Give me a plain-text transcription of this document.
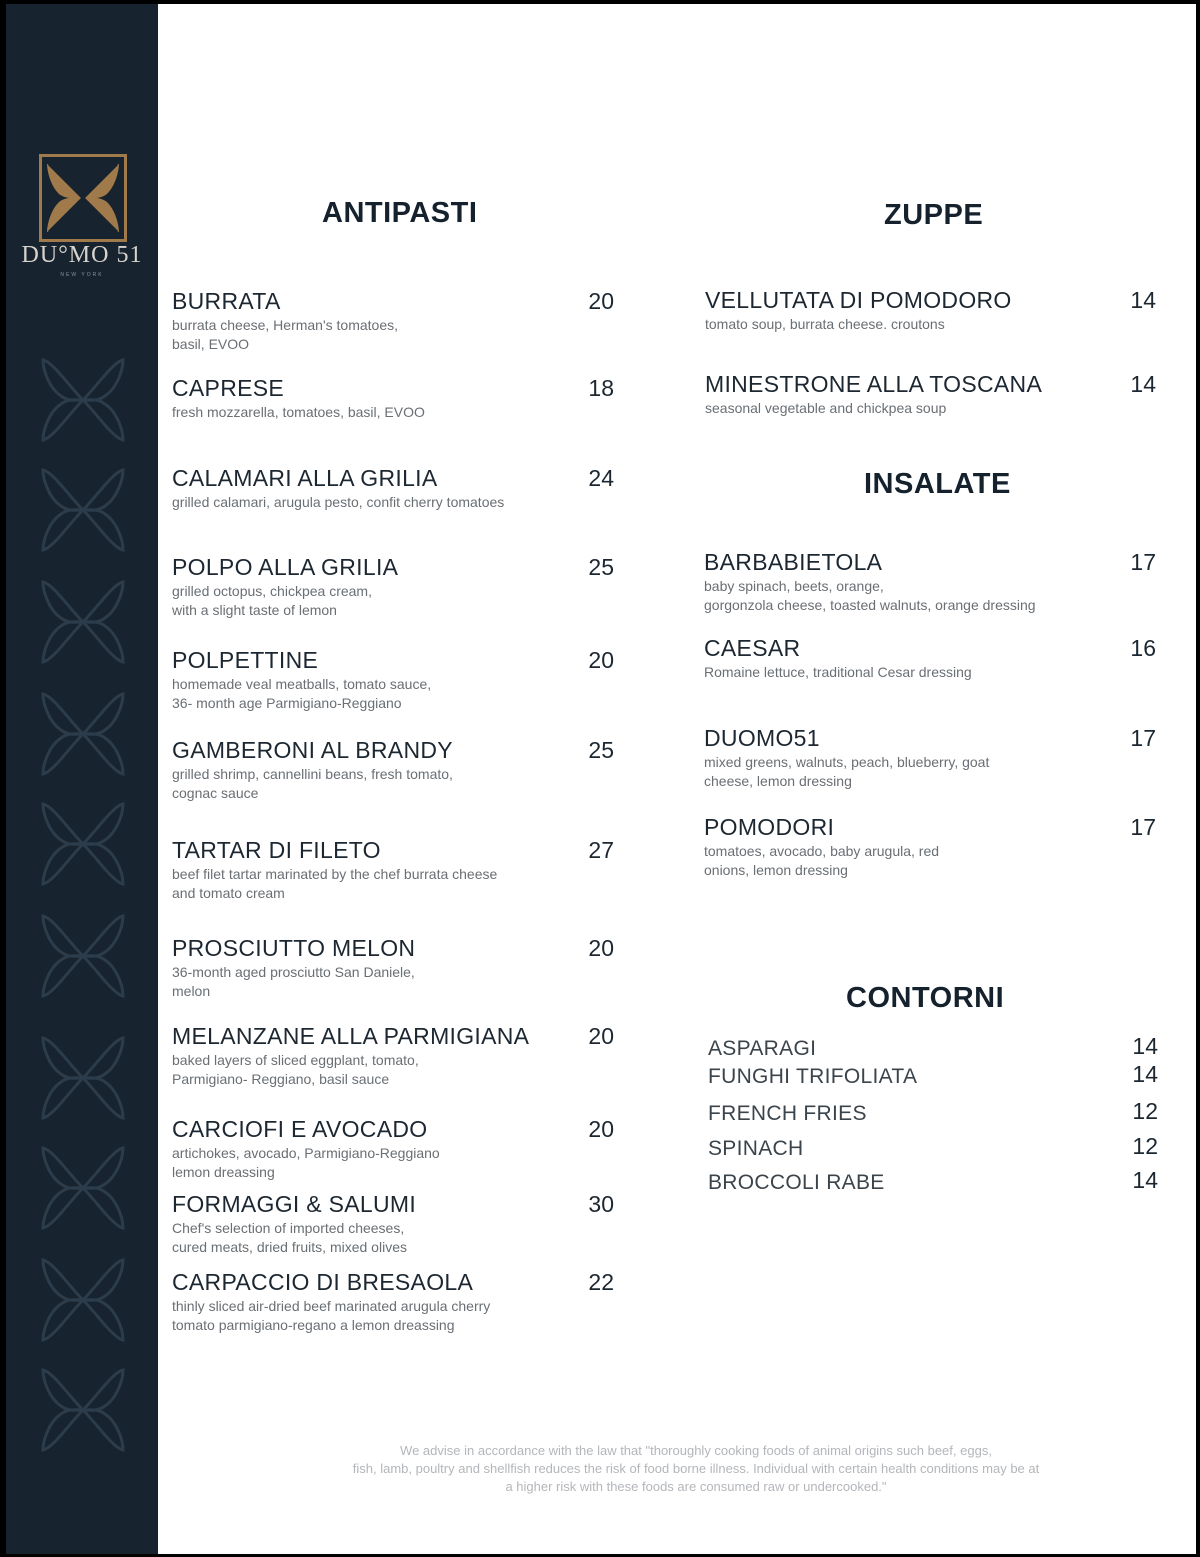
DU°MO 51
NEW YORK
ANTIPASTI
BURRATA
burrata cheese, Herman's tomatoes,
basil, EVOO
20
CAPRESE
fresh mozzarella, tomatoes, basil, EVOO
18
CALAMARI ALLA GRILIA
grilled calamari, arugula pesto, confit cherry tomatoes
24
POLPO ALLA GRILIA
grilled octopus, chickpea cream,
with a slight taste of lemon
25
POLPETTINE
homemade veal meatballs, tomato sauce,
36- month age Parmigiano-Reggiano
20
GAMBERONI AL BRANDY
grilled shrimp, cannellini beans, fresh tomato,
cognac sauce
25
TARTAR DI FILETO
beef filet tartar marinated by the chef burrata cheese
and tomato cream
27
PROSCIUTTO MELON
36-month aged prosciutto San Daniele,
melon
20
MELANZANE ALLA PARMIGIANA
baked layers of sliced eggplant, tomato,
Parmigiano- Reggiano, basil sauce
20
CARCIOFI E AVOCADO
artichokes, avocado, Parmigiano-Reggiano
lemon dreassing
20
FORMAGGI & SALUMI
Chef's selection of imported cheeses,
cured meats, dried fruits, mixed olives
30
CARPACCIO DI BRESAOLA
thinly sliced air-dried beef marinated arugula cherry
tomato parmigiano-regano a lemon dreassing
22
ZUPPE
VELLUTATA DI POMODORO
tomato soup, burrata cheese. croutons
14
MINESTRONE ALLA TOSCANA
seasonal vegetable and chickpea soup
14
INSALATE
BARBABIETOLA
baby spinach, beets, orange,
gorgonzola cheese, toasted walnuts, orange dressing
17
CAESAR
Romaine lettuce, traditional Cesar dressing
16
DUOMO51
mixed greens, walnuts, peach, blueberry, goat
cheese, lemon dressing
17
POMODORI
tomatoes, avocado, baby arugula, red
onions, lemon dressing
17
CONTORNI
ASPARAGI	14
FUNGHI TRIFOLIATA	14
FRENCH FRIES	12
SPINACH	12
BROCCOLI RABE	14
We advise in accordance with the law that "thoroughly cooking foods of animal origins such beef, eggs,
fish, lamb, poultry and shellfish reduces the risk of food borne illness. Individual with certain health conditions may be at
a higher risk with these foods are consumed raw or undercooked."
